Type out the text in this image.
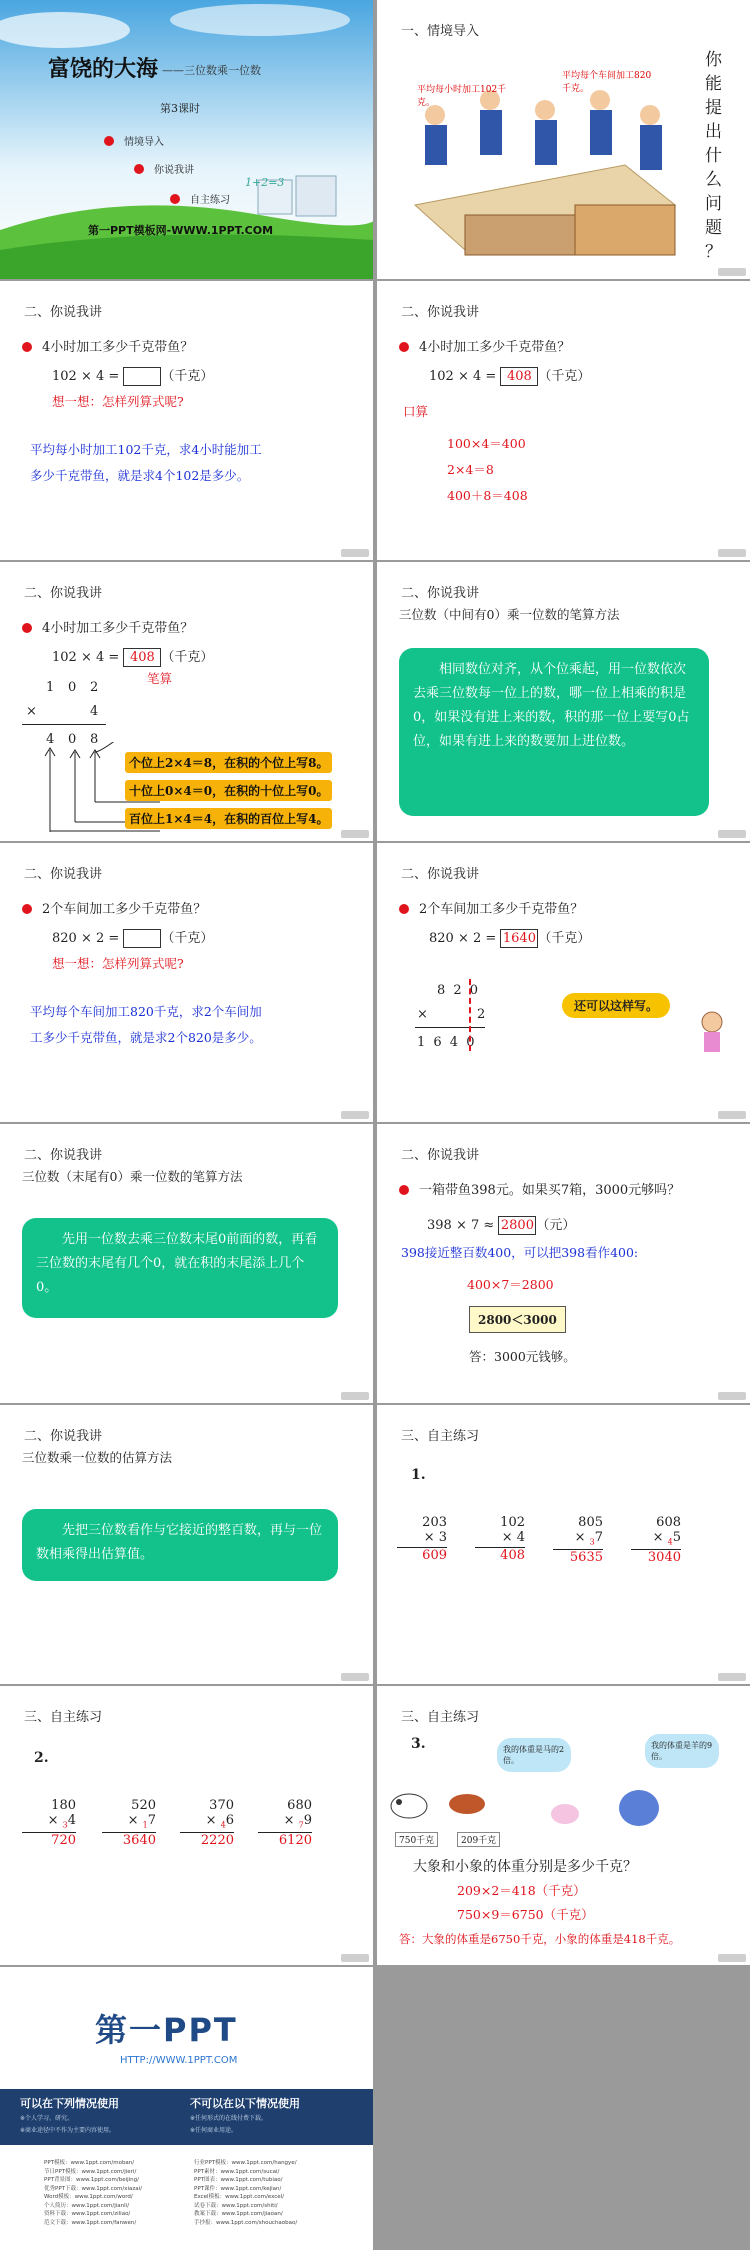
富饶的大海 ——三位数乘一位数
第3课时
情境导入
你说我讲
自主练习
1+2=3
第一PPT模板网-WWW.1PPT.COM
一、情境导入
平均每小时加工102千克。
平均每个车间加工820千克。
你
能
提
出
什
么
问
题
？
二、你说我讲
4小时加工多少千克带鱼？
102 × 4 =	（千克）
想一想：怎样列算式呢?
平均每小时加工102千克，求4小时能加工
多少千克带鱼，就是求4个102是多少。
二、你说我讲
4小时加工多少千克带鱼？
102 × 4 = 408 （千克）
口算
100×4＝400
2×4＝8
400＋8＝408
二、你说我讲
4小时加工多少千克带鱼？
102 × 4 = 408 （千克）
笔算
1 0 2
×	4
4 0 8
个位上2×4＝8，在积的个位上写8。
十位上0×4＝0，在积的十位上写0。
百位上1×4＝4，在积的百位上写4。
二、你说我讲
三位数（中间有0）乘一位数的笔算方法
相同数位对齐，从个位乘起，用一位数依次去乘三位数每一位上的数，哪一位上相乘的积是0，如果没有进上来的数，积的那一位上要写0占位，如果有进上来的数要加上进位数。
二、你说我讲
2个车间加工多少千克带鱼？
820 × 2 =	（千克）
想一想：怎样列算式呢?
平均每个车间加工820千克，求2个车间加
工多少千克带鱼，就是求2个820是多少。
二、你说我讲
2个车间加工多少千克带鱼？
820 × 2 = 1640 （千克）
8 2 0
×	2
1 6 4 0
还可以这样写。
二、你说我讲
三位数（末尾有0）乘一位数的笔算方法
先用一位数去乘三位数末尾0前面的数，再看三位数的末尾有几个0，就在积的末尾添上几个0。
二、你说我讲
一箱带鱼398元。如果买7箱，3000元够吗？
398 × 7 ≈ 2800 （元）
398接近整百数400，可以把398看作400:
400×7＝2800
2800＜3000
答：3000元钱够。
二、你说我讲
三位数乘一位数的估算方法
先把三位数看作与它接近的整百数，再与一位数相乘得出估算值。
三、自主练习
1.
203
× 3
609
102
× 4
408
805
× $_3$7
5635
608
× $_4$5
3040
三、自主练习
2.
180
× $_3$4
720
520
× $_1$7
3640
370
× $_4$6
2220
680
× $_7$9
6120
三、自主练习
3.	我的体重是马的2倍。
我的体重是羊的9倍。
750千克	209千克
大象和小象的体重分别是多少千克？
209×2＝418（千克）
750×9＝6750（千克）
答：大象的体重是6750千克，小象的体重是418千克。
第一PPT
HTTP://WWW.1PPT.COM
可以在下列情况使用	不可以在以下情况使用
※个人学习、研究。
※商业途径中不作为主要内容使用。
※任何形式的在线付费下载。
※任何商业用途。
PPT模板：www.1ppt.com/moban/
节日PPT模板：www.1ppt.com/jieri/
PPT背景图：www.1ppt.com/beijing/
优秀PPT下载：www.1ppt.com/xiazai/
Word模板：www.1ppt.com/word/
个人简历：www.1ppt.com/jianli/
资料下载：www.1ppt.com/ziliao/
范文下载：www.1ppt.com/fanwen/
行业PPT模板：www.1ppt.com/hangye/
PPT素材：www.1ppt.com/sucai/
PPT图表：www.1ppt.com/tubiao/
PPT课件：www.1ppt.com/kejian/
Excel模板：www.1ppt.com/excel/
试卷下载：www.1ppt.com/shiti/
教案下载：www.1ppt.com/jiaoan/
手抄报：www.1ppt.com/shouchaobao/
